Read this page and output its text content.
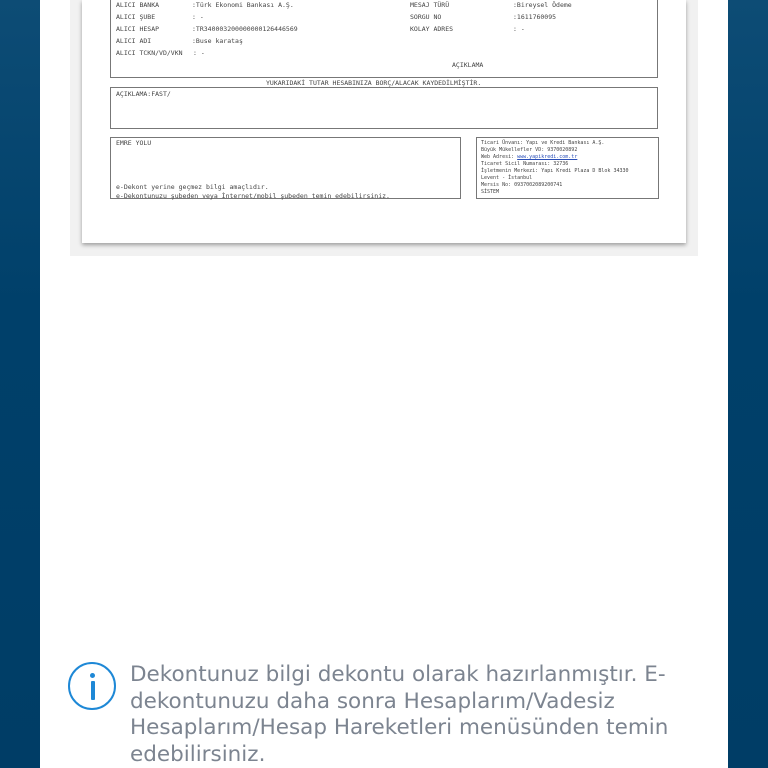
ALICI BANKA	:Türk Ekonomi Bankası A.Ş.
ALICI ŞUBE	: -
ALICI HESAP	:TR340003200000000126446569
ALICI ADI	:Buse karataş
ALICI TCKN/VD/VKN : -
MESAJ TÜRÜ	:Bireysel Ödeme
SORGU NO	:1611760095
KOLAY ADRES	: -
AÇIKLAMA
YUKARIDAKİ TUTAR HESABINIZA BORÇ/ALACAK KAYDEDİLMİŞTİR.
AÇIKLAMA:FAST/
EMRE YOLU
e-Dekont yerine geçmez bilgi amaçlıdır.
e-Dekontunuzu şubeden veya İnternet/mobil şubeden temin edebilirsiniz.
Ticari Ünvanı: Yapı ve Kredi Bankası A.Ş.
Büyük Mükellefler VD: 9370020892
Web Adresi: www.yapikredi.com.tr
Ticaret Sicil Numarası: 32736
İşletmenin Merkezi: Yapı Kredi Plaza D Blok 34330
Levent - İstanbul
Mersis No: 0937002089200741
SİSTEM
Dekontunuz bilgi dekontu olarak hazırlanmıştır. E-dekontunuzu daha sonra Hesaplarım/Vadesiz Hesaplarım/Hesap Hareketleri menüsünden temin edebilirsiniz.
